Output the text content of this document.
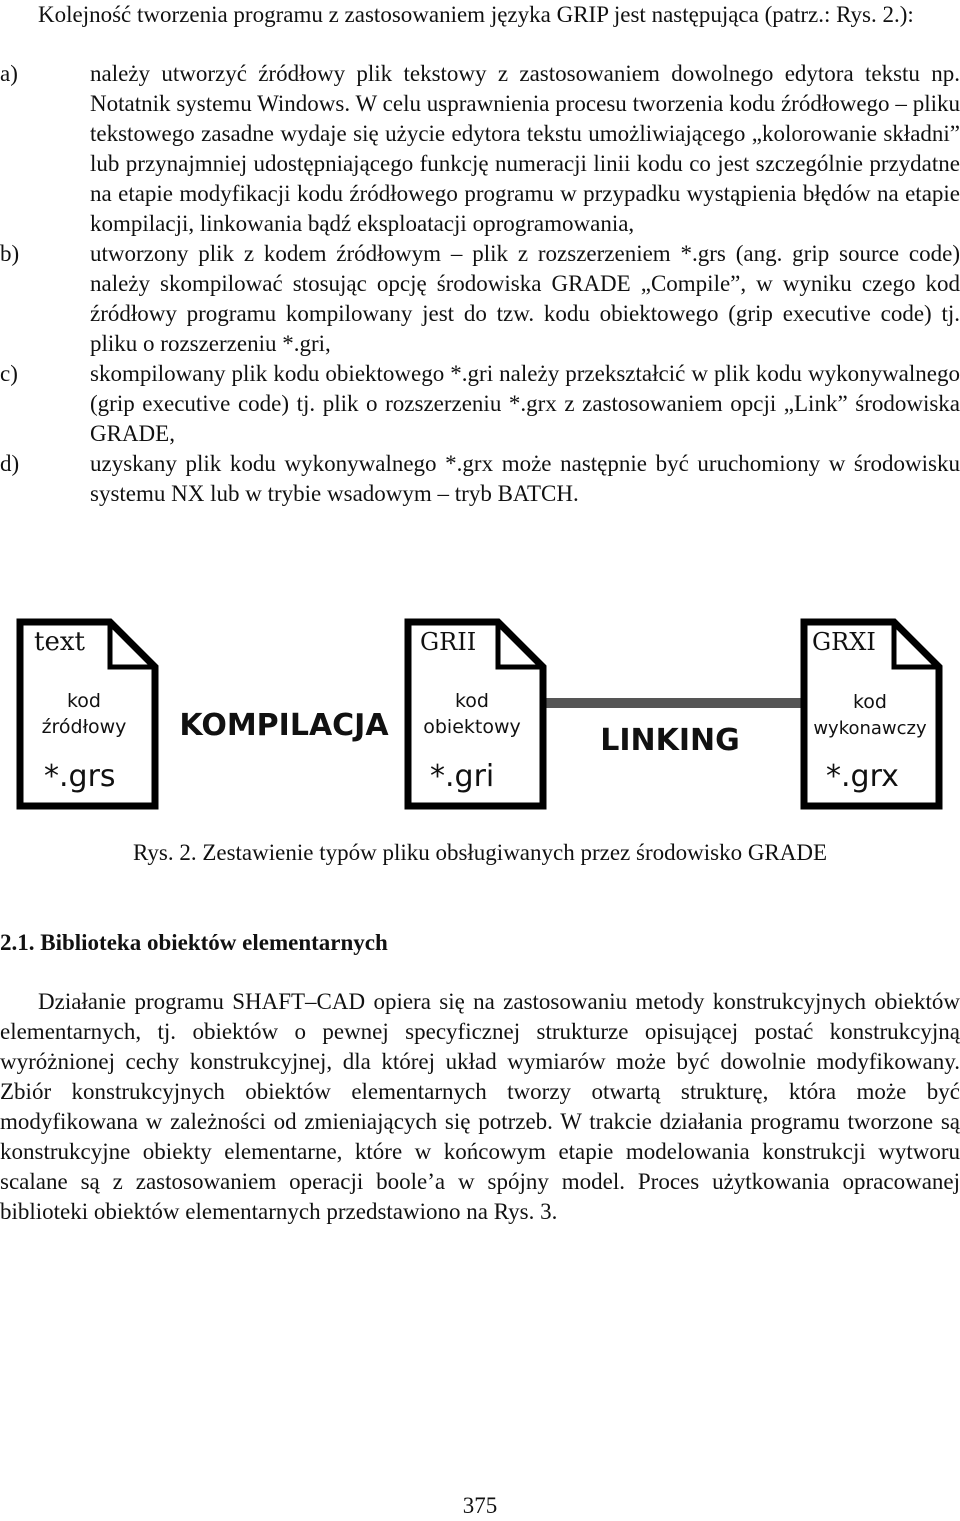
Kolejność tworzenia programu z zastosowaniem języka GRIP jest następująca (patrz.: Rys. 2.):

a)	należy utworzyć źródłowy plik tekstowy z zastosowaniem dowolnego edytora tekstu np. Notatnik systemu Windows. W celu usprawnienia procesu tworzenia kodu źródłowego – pliku tekstowego zasadne wydaje się użycie edytora tekstu umożliwiającego „kolorowanie składni” lub przynajmniej udostępniającego funkcję numeracji linii kodu co jest szczególnie przydatne na etapie modyfikacji kodu źródłowego programu w przypadku wystąpienia błędów na etapie kompilacji, linkowania bądź eksploatacji oprogramowania,
b)	utworzony plik z kodem źródłowym – plik z rozszerzeniem *.grs (ang. grip source code) należy skompilować stosując opcję środowiska GRADE „Compile”, w wyniku czego kod źródłowy programu kompilowany jest do tzw. kodu obiektowego (grip executive code) tj. pliku o rozszerzeniu *.gri,
c)	skompilowany plik kodu obiektowego *.gri należy przekształcić w plik kodu wykonywalnego (grip executive code) tj. plik o rozszerzeniu *.grx z zastosowaniem opcji „Link” środowiska GRADE,
d)	uzyskany plik kodu wykonywalnego *.grx może następnie być uruchomiony w środowisku systemu NX lub w trybie wsadowym – tryb BATCH.
KOMPILACJA	LINKING
text
kod
źródłowy
*.grs
GRII
kod
obiektowy
*.gri
GRXI
kod
wykonawczy
*.grx
Rys. 2. Zestawienie typów pliku obsługiwanych przez środowisko GRADE
2.1. Biblioteka obiektów elementarnych

Działanie programu SHAFT–CAD opiera się na zastosowaniu metody konstrukcyjnych obiektów elementarnych, tj. obiektów o pewnej specyficznej strukturze opisującej postać konstrukcyjną wyróżnionej cechy konstrukcyjnej, dla której układ wymiarów może być dowolnie modyfikowany. Zbiór konstrukcyjnych obiektów elementarnych tworzy otwartą strukturę, która może być modyfikowana w zależności od zmieniających się potrzeb. W trakcie działania programu tworzone są konstrukcyjne obiekty elementarne, które w końcowym etapie modelowania konstrukcji wytworu scalane są z zastosowaniem operacji boole’a w spójny model. Proces użytkowania opracowanej biblioteki obiektów elementarnych przedstawiono na Rys. 3.

375
